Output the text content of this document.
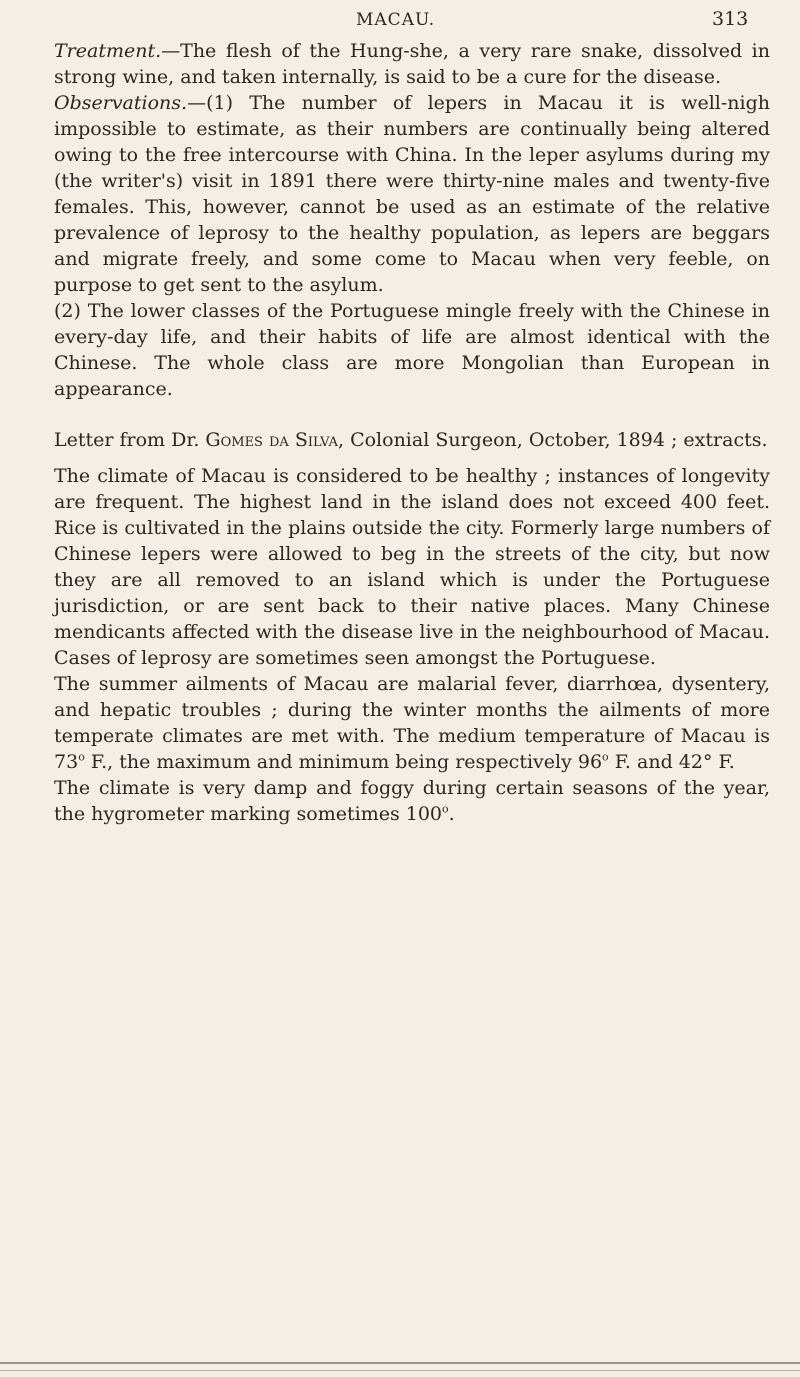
MACAU.	313

Treatment.—The flesh of the Hung-she, a very rare snake, dissolved in strong wine, and taken internally, is said to be a cure for the disease.

Observations.—(1) The number of lepers in Macau it is well-nigh impossible to estimate, as their numbers are continually being altered owing to the free intercourse with China. In the leper asylums during my (the writer's) visit in 1891 there were thirty-nine males and twenty-five females. This, however, cannot be used as an estimate of the relative prevalence of leprosy to the healthy population, as lepers are beggars and migrate freely, and some come to Macau when very feeble, on purpose to get sent to the asylum.

(2) The lower classes of the Portuguese mingle freely with the Chinese in every-day life, and their habits of life are almost identical with the Chinese. The whole class are more Mongolian than European in appearance.

Letter from Dr. Gomes da Silva, Colonial Surgeon, October, 1894 ; extracts.

The climate of Macau is considered to be healthy ; instances of longevity are frequent. The highest land in the island does not exceed 400 feet. Rice is cultivated in the plains outside the city. Formerly large numbers of Chinese lepers were allowed to beg in the streets of the city, but now they are all removed to an island which is under the Portuguese jurisdiction, or are sent back to their native places. Many Chinese mendicants affected with the disease live in the neighbourhood of Macau. Cases of leprosy are sometimes seen amongst the Portuguese.

The summer ailments of Macau are malarial fever, diarrhœa, dysentery, and hepatic troubles ; during the winter months the ailments of more temperate climates are met with. The medium temperature of Macau is 73$^o$ F., the maximum and minimum being respectively 96$^o$ F. and 42° F.

The climate is very damp and foggy during certain seasons of the year, the hygrometer marking sometimes 100$^o$.
